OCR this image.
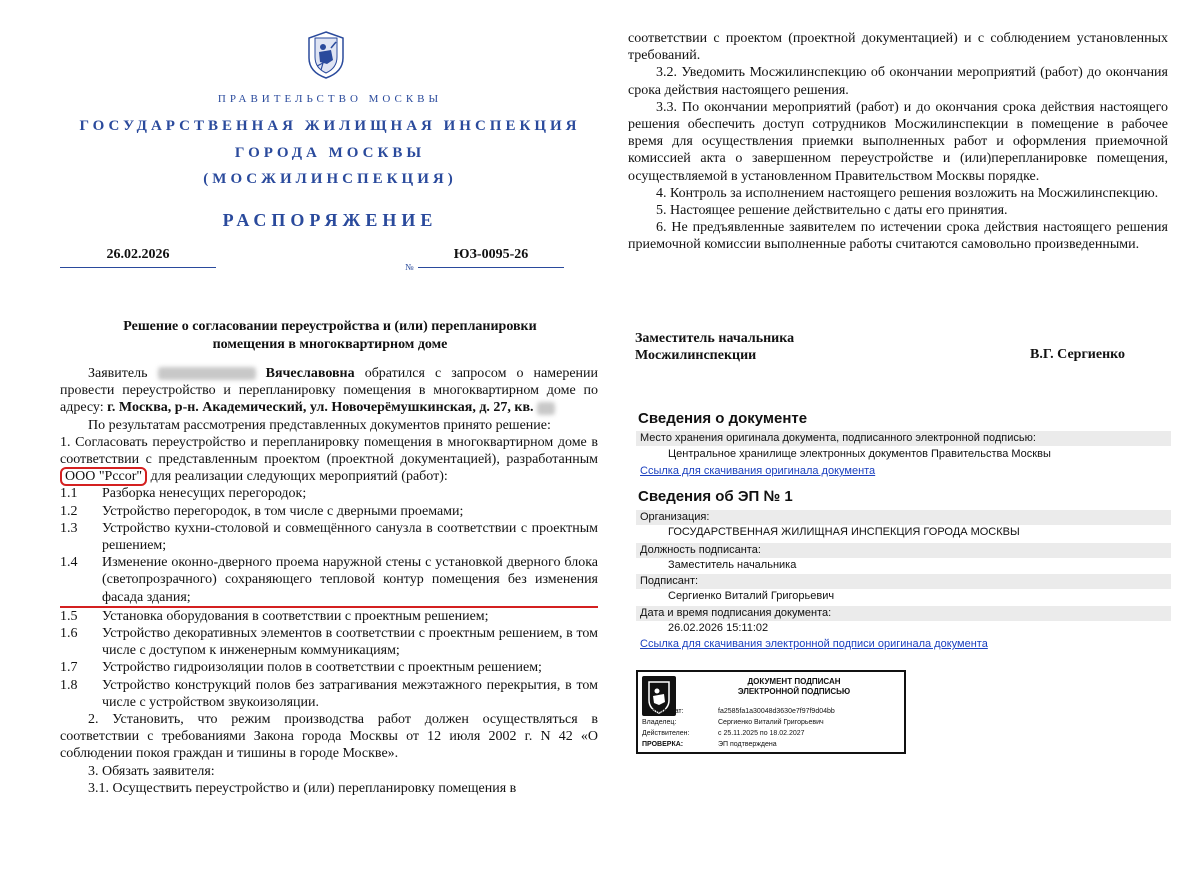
ПРАВИТЕЛЬСТВО МОСКВЫ
ГОСУДАРСТВЕННАЯ ЖИЛИЩНАЯ ИНСПЕКЦИЯ
ГОРОДА МОСКВЫ
(МОСЖИЛИНСПЕКЦИЯ)
РАСПОРЯЖЕНИЕ
26.02.2026
№
ЮЗ-0095-26
Решение о согласовании переустройства и (или) перепланировки
помещения в многоквартирном доме

Заявитель	Вячеславовна обратился с запросом о намерении провести переустройство и перепланировку помещения в многоквартирном доме по адресу: г. Москва, р-н. Академический, ул. Новочерёмушкинская, д. 27, кв.

По результатам рассмотрения представленных документов принято решение:

1. Согласовать переустройство и перепланировку помещения в многоквартирном доме в соответствии с представленным проектом (проектной документацией), разработанным ООО "Pccor" для реализации следующих мероприятий (работ):

1.1	Разборка ненесущих перегородок;
1.2	Устройство перегородок, в том числе с дверными проемами;
1.3	Устройство кухни-столовой и совмещённого санузла в соответствии с проектным решением;
1.4	Изменение оконно-дверного проема наружной стены с установкой дверного блока (светопрозрачного) сохраняющего тепловой контур помещения без изменения фасада здания;
1.5	Установка оборудования в соответствии с проектным решением;
1.6	Устройство декоративных элементов в соответствии с проектным решением, в том числе с доступом к инженерным коммуникациям;
1.7	Устройство гидроизоляции полов в соответствии с проектным решением;
1.8	Устройство конструкций полов без затрагивания межэтажного перекрытия, в том числе с устройством звукоизоляции.

2. Установить, что режим производства работ должен осуществляться в соответствии с требованиями Закона города Москвы от 12 июля 2002 г. N 42 «О соблюдении покоя граждан и тишины в городе Москве».

3. Обязать заявителя:

3.1. Осуществить переустройство и (или) перепланировку помещения в

соответствии с проектом (проектной документацией) и с соблюдением установленных требований.

3.2. Уведомить Мосжилинспекцию об окончании мероприятий (работ) до окончания срока действия настоящего решения.

3.3. По окончании мероприятий (работ) и до окончания срока действия настоящего решения обеспечить доступ сотрудников Мосжилинспекции в помещение в рабочее время для осуществления приемки выполненных работ и оформления приемочной комиссией акта о завершенном переустройстве и (или)перепланировке помещения, осуществляемой в установленном Правительством Москвы порядке.

4. Контроль за исполнением настоящего решения возложить на Мосжилинспекцию.

5. Настоящее решение действительно с даты его принятия.

6. Не предъявленные заявителем по истечении срока действия настоящего решения приемочной комиссии выполненные работы считаются самовольно произведенными.

Заместитель начальника
Мосжилинспекции	В.Г. Сергиенко
Сведения о документе
Место хранения оригинала документа, подписанного электронной подписью:
Центральное хранилище электронных документов Правительства Москвы
Ссылка для скачивания оригинала документа
Сведения об ЭП № 1
Организация:
ГОСУДАРСТВЕННАЯ ЖИЛИЩНАЯ ИНСПЕКЦИЯ ГОРОДА МОСКВЫ
Должность подписанта:
Заместитель начальника
Подписант:
Сергиенко Виталий Григорьевич
Дата и время подписания документа:
26.02.2026 15:11:02
Ссылка для скачивания электронной подписи оригинала документа
ДОКУМЕНТ ПОДПИСАН
ЭЛЕКТРОННОЙ ПОДПИСЬЮ
Сертификат:	fa2585fa1a30048d3630e7f97f9d04bb
Владелец:	Сергиенко Виталий Григорьевич
Действителен:	с 25.11.2025 по 18.02.2027
ПРОВЕРКА:	ЭП подтверждена
